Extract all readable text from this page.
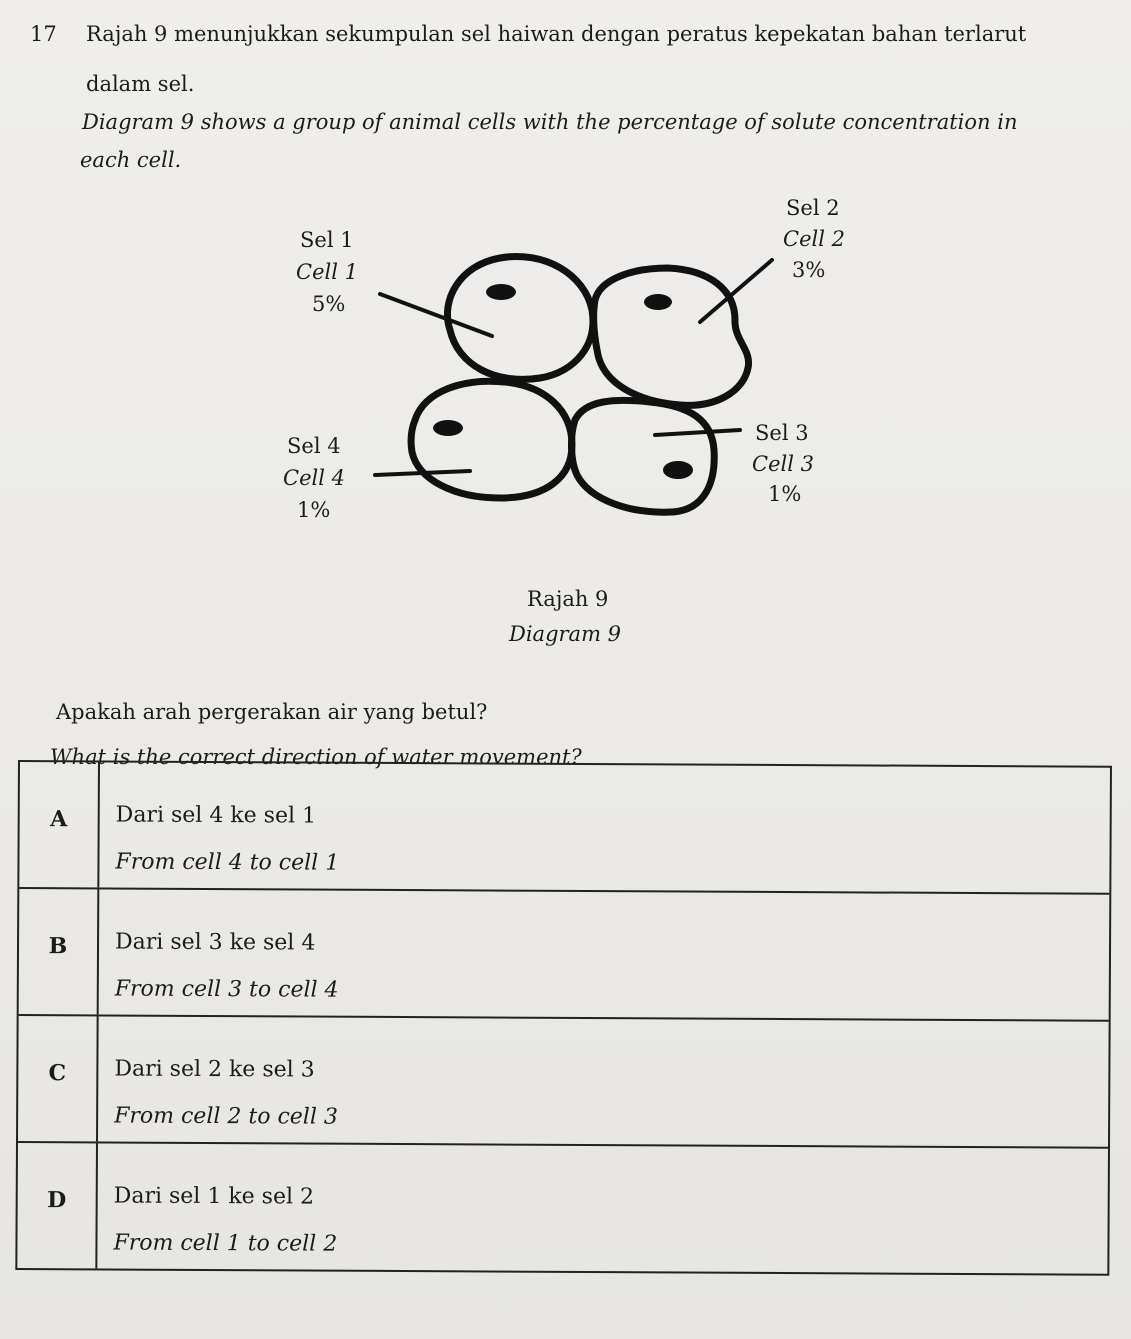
17 Rajah 9 menunjukkan sekumpulan sel haiwan dengan peratus kepekatan bahan terlarut
dalam sel.
Diagram 9 shows a group of animal cells with the percentage of solute concentration in
each cell.
Sel 1
Cell 1
5%
Sel 2
Cell 2
3%
Sel 3
Cell 3
1%
Sel 4
Cell 4
1%
Rajah 9
Diagram 9
Apakah arah pergerakan air yang betul?
What is the correct direction of water movement?
A	Dari sel 4 ke sel 1
From cell 4 to cell 1
B	Dari sel 3 ke sel 4
From cell 3 to cell 4
C	Dari sel 2 ke sel 3
From cell 2 to cell 3
D	Dari sel 1 ke sel 2
From cell 1 to cell 2
